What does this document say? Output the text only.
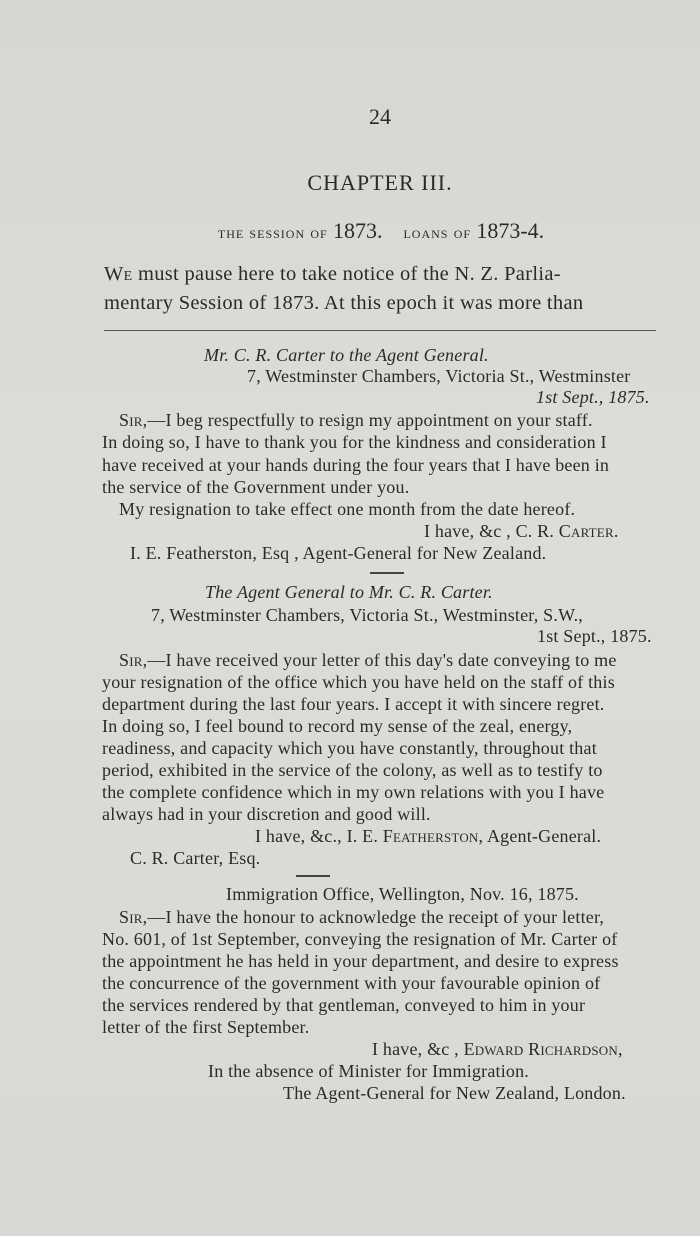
24
CHAPTER III.
the session of 1873. loans of 1873-4.
We must pause here to take notice of the N. Z. Parlia-
mentary Session of 1873. At this epoch it was more than
Mr. C. R. Carter to the Agent General.
7, Westminster Chambers, Victoria St., Westminster
1st Sept., 1875.
Sir,—I beg respectfully to resign my appointment on your staff.
In doing so, I have to thank you for the kindness and consideration I
have received at your hands during the four years that I have been in
the service of the Government under you.
My resignation to take effect one month from the date hereof.
I have, &c , C. R. Carter.
I. E. Featherston, Esq , Agent-General for New Zealand.
The Agent General to Mr. C. R. Carter.
7, Westminster Chambers, Victoria St., Westminster, S.W.,
1st Sept., 1875.
Sir,—I have received your letter of this day's date conveying to me
your resignation of the office which you have held on the staff of this
department during the last four years. I accept it with sincere regret.
In doing so, I feel bound to record my sense of the zeal, energy,
readiness, and capacity which you have constantly, throughout that
period, exhibited in the service of the colony, as well as to testify to
the complete confidence which in my own relations with you I have
always had in your discretion and good will.
I have, &c., I. E. Featherston, Agent-General.
C. R. Carter, Esq.
Immigration Office, Wellington, Nov. 16, 1875.
Sir,—I have the honour to acknowledge the receipt of your letter,
No. 601, of 1st September, conveying the resignation of Mr. Carter of
the appointment he has held in your department, and desire to express
the concurrence of the government with your favourable opinion of
the services rendered by that gentleman, conveyed to him in your
letter of the first September.
I have, &c , Edward Richardson,
In the absence of Minister for Immigration.
The Agent-General for New Zealand, London.
